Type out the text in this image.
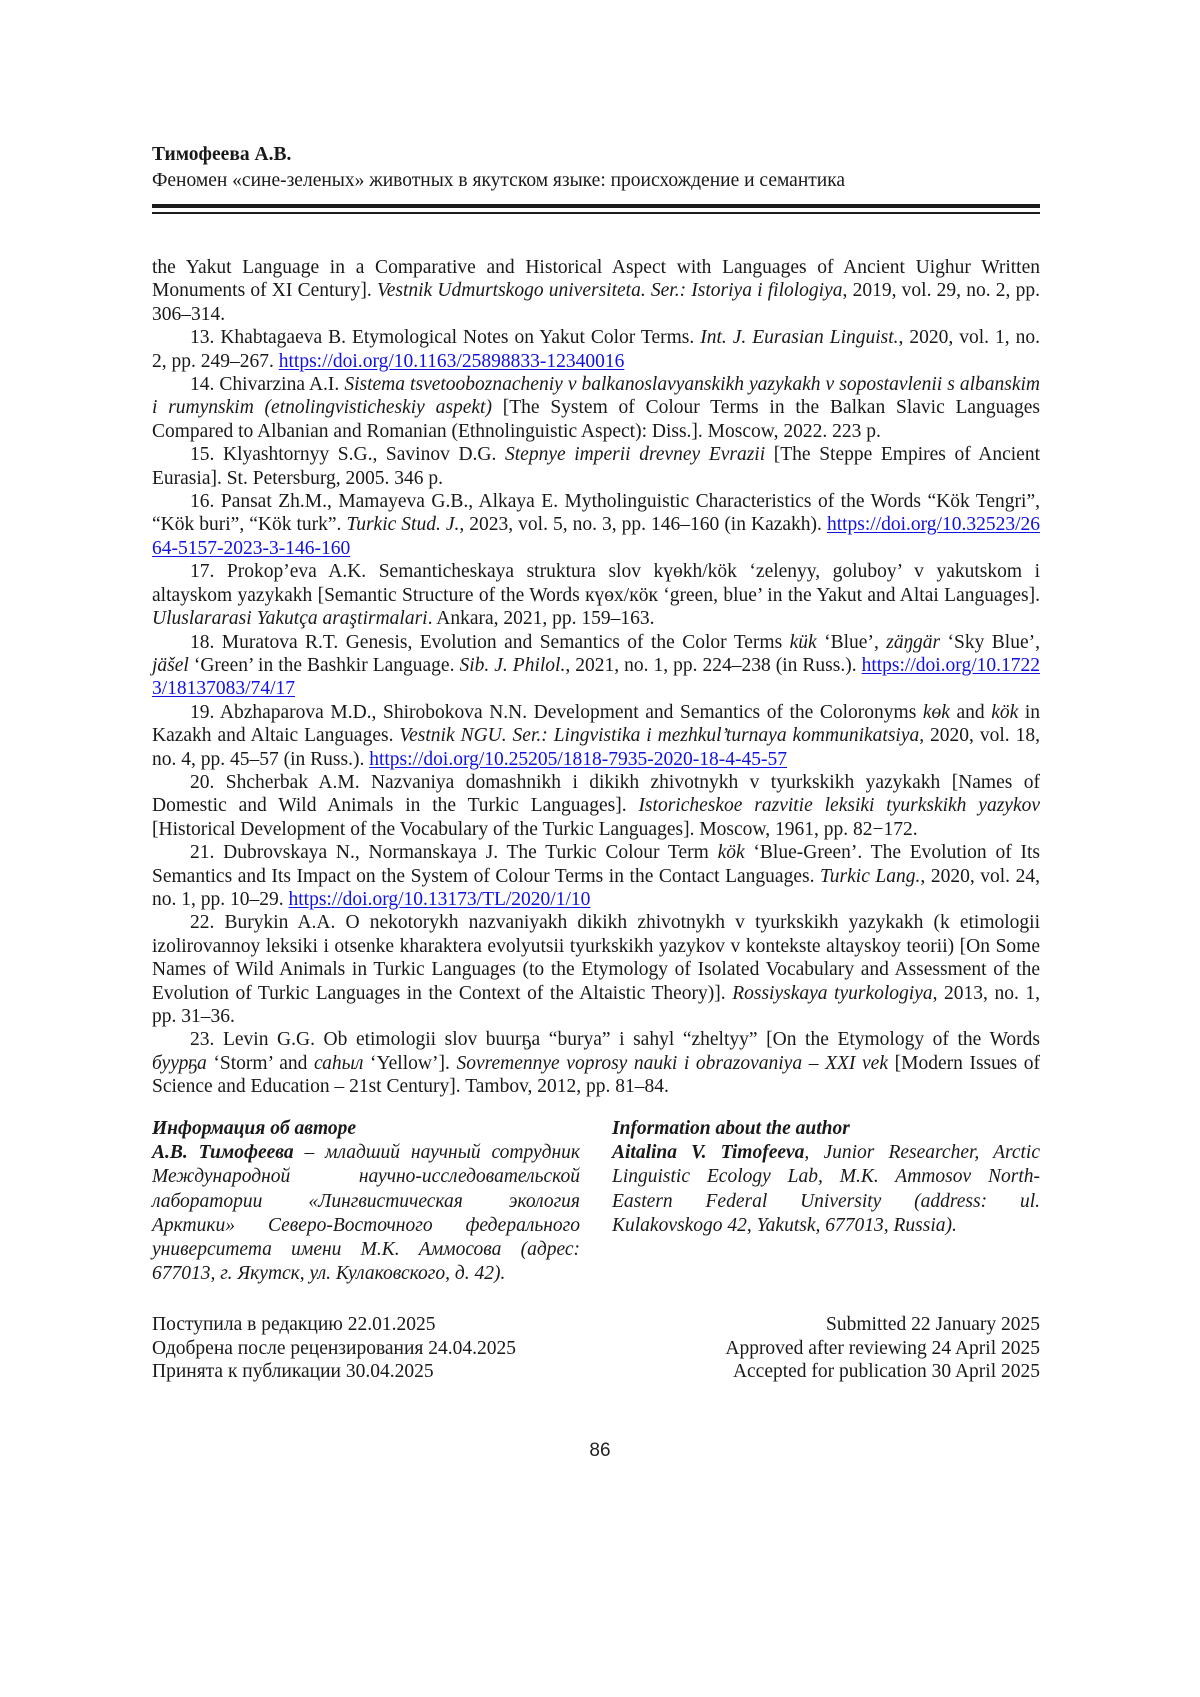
Тимофеева А.В.
Феномен «сине-зеленых» животных в якутском языке: происхождение и семантика

the Yakut Language in a Comparative and Historical Aspect with Languages of Ancient Uighur Written Monuments of XI Century]. Vestnik Udmurtskogo universiteta. Ser.: Istoriya i filologiya, 2019, vol. 29, no. 2, pp. 306–314.

13. Khabtagaeva B. Etymological Notes on Yakut Color Terms. Int. J. Eurasian Linguist., 2020, vol. 1, no. 2, pp. 249–267. https://doi.org/10.1163/25898833-12340016

14. Chivarzina A.I. Sistema tsvetooboznacheniy v balkanoslavyanskikh yazykakh v sopostavlenii s albanskim i rumynskim (etnolingvisticheskiy aspekt) [The System of Colour Terms in the Balkan Slavic Languages Compared to Albanian and Romanian (Ethnolinguistic Aspect): Diss.]. Moscow, 2022. 223 p.

15. Klyashtornyy S.G., Savinov D.G. Stepnye imperii drevney Evrazii [The Steppe Empires of Ancient Eurasia]. St. Petersburg, 2005. 346 p.

16. Pansat Zh.M., Mamayeva G.B., Alkaya E. Mytholinguistic Characteristics of the Words “Kök Tengri”, “Kök buri”, “Kök turk”. Turkic Stud. J., 2023, vol. 5, no. 3, pp. 146–160 (in Kazakh). https://doi.org/10.32523/2664-5157-2023-3-146-160

17. Prokop’eva A.K. Semanticheskaya struktura slov kүөkh/kök ‘zelenyy, goluboy’ v yakutskom i altayskom yazykakh [Semantic Structure of the Words күөх/кöк ‘green, blue’ in the Yakut and Altai Languages]. Uluslararasi Yakutça araştirmalari. Ankara, 2021, pp. 159–163.

18. Muratova R.T. Genesis, Evolution and Semantics of the Color Terms kük ‘Blue’, zäŋgär ‘Sky Blue’, jäšel ‘Green’ in the Bashkir Language. Sib. J. Philol., 2021, no. 1, pp. 224–238 (in Russ.). https://doi.org/10.17223/18137083/74/17

19. Abzhaparova M.D., Shirobokova N.N. Development and Semantics of the Coloronyms kөk and kök in Kazakh and Altaic Languages. Vestnik NGU. Ser.: Lingvistika i mezhkul’turnaya kommunikatsiya, 2020, vol. 18, no. 4, pp. 45–57 (in Russ.). https://doi.org/10.25205/1818-7935-2020-18-4-45-57

20. Shcherbak A.M. Nazvaniya domashnikh i dikikh zhivotnykh v tyurkskikh yazykakh [Names of Domestic and Wild Animals in the Turkic Languages]. Istoricheskoe razvitie leksiki tyurkskikh yazykov [Historical Development of the Vocabulary of the Turkic Languages]. Moscow, 1961, pp. 82−172.

21. Dubrovskaya N., Normanskaya J. The Turkic Colour Term kök ‘Blue-Green’. The Evolution of Its Semantics and Its Impact on the System of Colour Terms in the Contact Languages. Turkic Lang., 2020, vol. 24, no. 1, pp. 10–29. https://doi.org/10.13173/TL/2020/1/10

22. Burykin A.A. O nekotorykh nazvaniyakh dikikh zhivotnykh v tyurkskikh yazykakh (k etimologii izolirovannoy leksiki i otsenke kharaktera evolyutsii tyurkskikh yazykov v kontekste altayskoy teorii) [On Some Names of Wild Animals in Turkic Languages (to the Etymology of Isolated Vocabulary and Assessment of the Evolution of Turkic Languages in the Context of the Altaistic Theory)]. Rossiyskaya tyurkologiya, 2013, no. 1, pp. 31–36.

23. Levin G.G. Ob etimologii slov buurҕa “burya” i sahyl “zheltyy” [On the Etymology of the Words буурҕа ‘Storm’ and саһыл ‘Yellow’]. Sovremennye voprosy nauki i obrazovaniya – XXI vek [Modern Issues of Science and Education – 21st Century]. Tambov, 2012, pp. 81–84.

Информация об авторе

А.В. Тимофеева – младший научный сотрудник Международной научно-исследовательской лаборатории «Лингвистическая экология Арктики» Северо-Восточного федерального университета имени М.К. Аммосова (адрес: 677013, г. Якутск, ул. Кулаковского, д. 42).

Information about the author

Aitalina V. Timofeeva, Junior Researcher, Arctic Linguistic Ecology Lab, M.K. Ammosov North-Eastern Federal University (address: ul. Kulakovskogo 42, Yakutsk, 677013, Russia).

Поступила в редакцию 22.01.2025
Одобрена после рецензирования 24.04.2025
Принята к публикации 30.04.2025
Submitted 22 January 2025
Approved after reviewing 24 April 2025
Accepted for publication 30 April 2025
86
